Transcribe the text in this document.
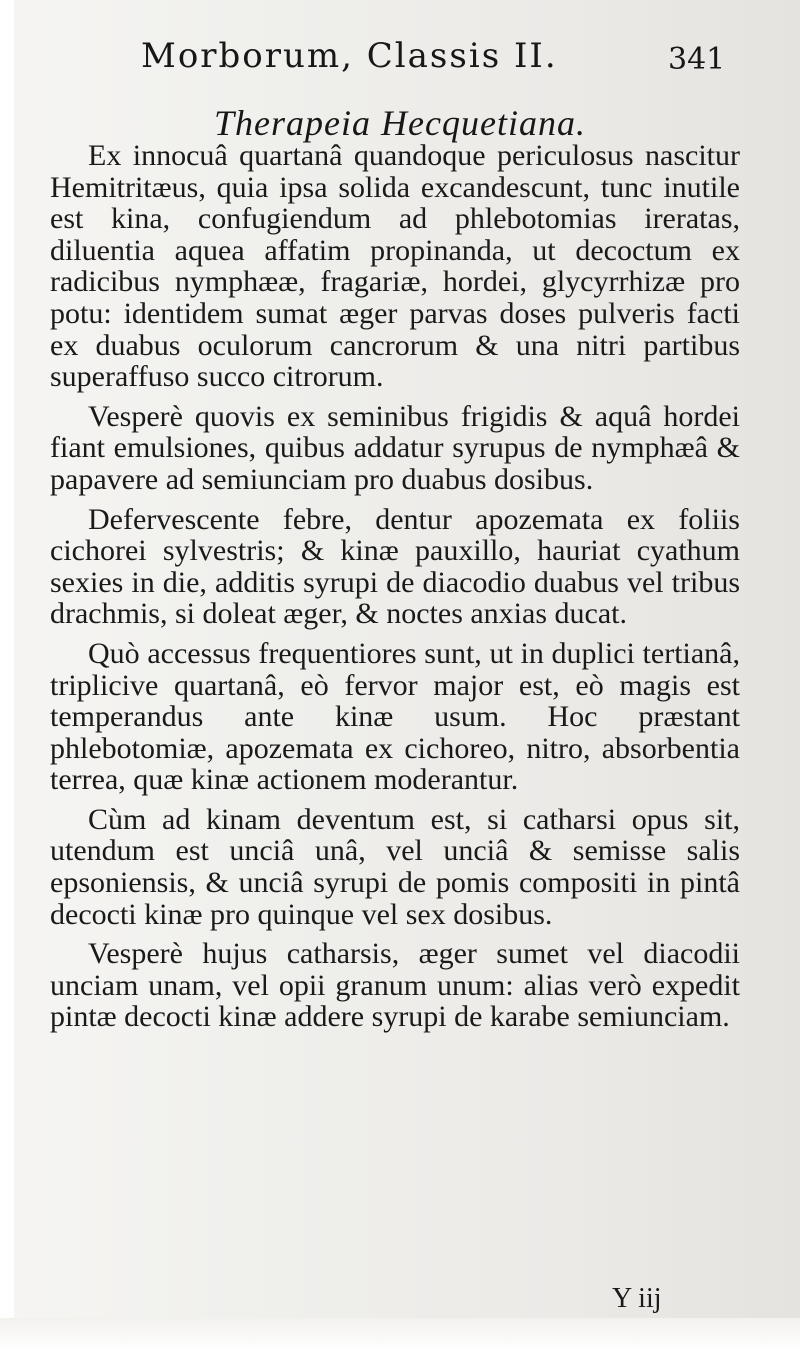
Morborum, Classis II.	341
Therapeia Hecquetiana.

Ex innocuâ quartanâ quandoque periculosus nascitur Hemitritæus, quia ipsa solida excandescunt, tunc inutile est kina, confugiendum ad phlebotomias ireratas, diluentia aquea affatim propinanda, ut decoctum ex radicibus nymphææ, fragariæ, hordei, glycyrrhizæ pro potu: identidem sumat æger parvas doses pulveris facti ex duabus oculorum cancrorum & una nitri partibus superaffuso succo citrorum.

Vesperè quovis ex seminibus frigidis & aquâ hordei fiant emulsiones, quibus addatur syrupus de nymphæâ & papavere ad semiunciam pro duabus dosibus.

Defervescente febre, dentur apozemata ex foliis cichorei sylvestris; & kinæ pauxillo, hauriat cyathum sexies in die, additis syrupi de diacodio duabus vel tribus drachmis, si doleat æger, & noctes anxias ducat.

Quò accessus frequentiores sunt, ut in duplici tertianâ, triplicive quartanâ, eò fervor major est, eò magis est temperandus ante kinæ usum. Hoc præstant phlebotomiæ, apozemata ex cichoreo, nitro, absorbentia terrea, quæ kinæ actionem moderantur.

Cùm ad kinam deventum est, si catharsi opus sit, utendum est unciâ unâ, vel unciâ & semisse salis epsoniensis, & unciâ syrupi de pomis compositi in pintâ decocti kinæ pro quinque vel sex dosibus.

Vesperè hujus catharsis, æger sumet vel diacodii unciam unam, vel opii granum unum: alias verò expedit pintæ decocti kinæ addere syrupi de karabe semiunciam.

Y iij
